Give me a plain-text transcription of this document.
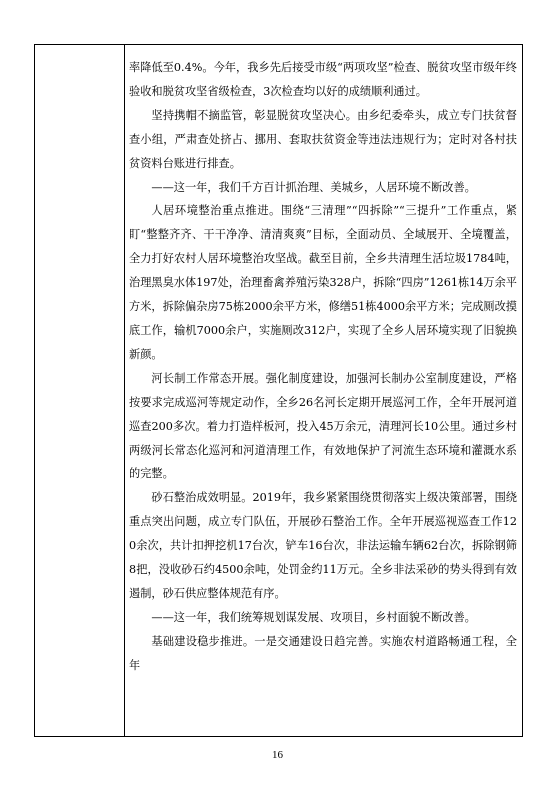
率降低至0.4%。今年，我乡先后接受市级“两项攻坚”检查、脱贫攻坚市级年终验收和脱贫攻坚省级检查，3次检查均以好的成绩顺利通过。

坚持携帽不摘监管，彰显脱贫攻坚决心。由乡纪委牵头，成立专门扶贫督查小组，严肃查处挤占、挪用、套取扶贫资金等违法违规行为；定时对各村扶贫资料台账进行排查。

——这一年，我们千方百计抓治理、美城乡，人居环境不断改善。

人居环境整治重点推进。围绕“三清理”“四拆除”“三提升”工作重点，紧盯“整整齐齐、干干净净、清清爽爽”目标，全面动员、全域展开、全境覆盖，全力打好农村人居环境整治攻坚战。截至目前，全乡共清理生活垃圾1784吨，治理黑臭水体197处，治理畜禽养殖污染328户，拆除“四房”1261栋14万余平方米，拆除偏杂房75栋2000余平方米，修缮51栋4000余平方米；完成厕改摸底工作，输机7000余户，实施厕改312户，实现了全乡人居环境实现了旧貌换新颜。

河长制工作常态开展。强化制度建设，加强河长制办公室制度建设，严格按要求完成巡河等规定动作，全乡26名河长定期开展巡河工作，全年开展河道巡查200多次。着力打造样板河，投入45万余元，清理河长10公里。通过乡村两级河长常态化巡河和河道清理工作，有效地保护了河流生态环境和灌溉水系的完整。

砂石整治成效明显。2019年，我乡紧紧围绕贯彻落实上级决策部署，围绕重点突出问题，成立专门队伍，开展砂石整治工作。全年开展巡视巡查工作120余次，共计扣押挖机17台次，铲车16台次，非法运输车辆62台次，拆除钢筛8把，没收砂石约4500余吨，处罚金约11万元。全乡非法采砂的势头得到有效遏制，砂石供应整体规范有序。

——这一年，我们统筹规划谋发展、攻项目，乡村面貌不断改善。

基础建设稳步推进。一是交通建设日趋完善。实施农村道路畅通工程，全年

16
